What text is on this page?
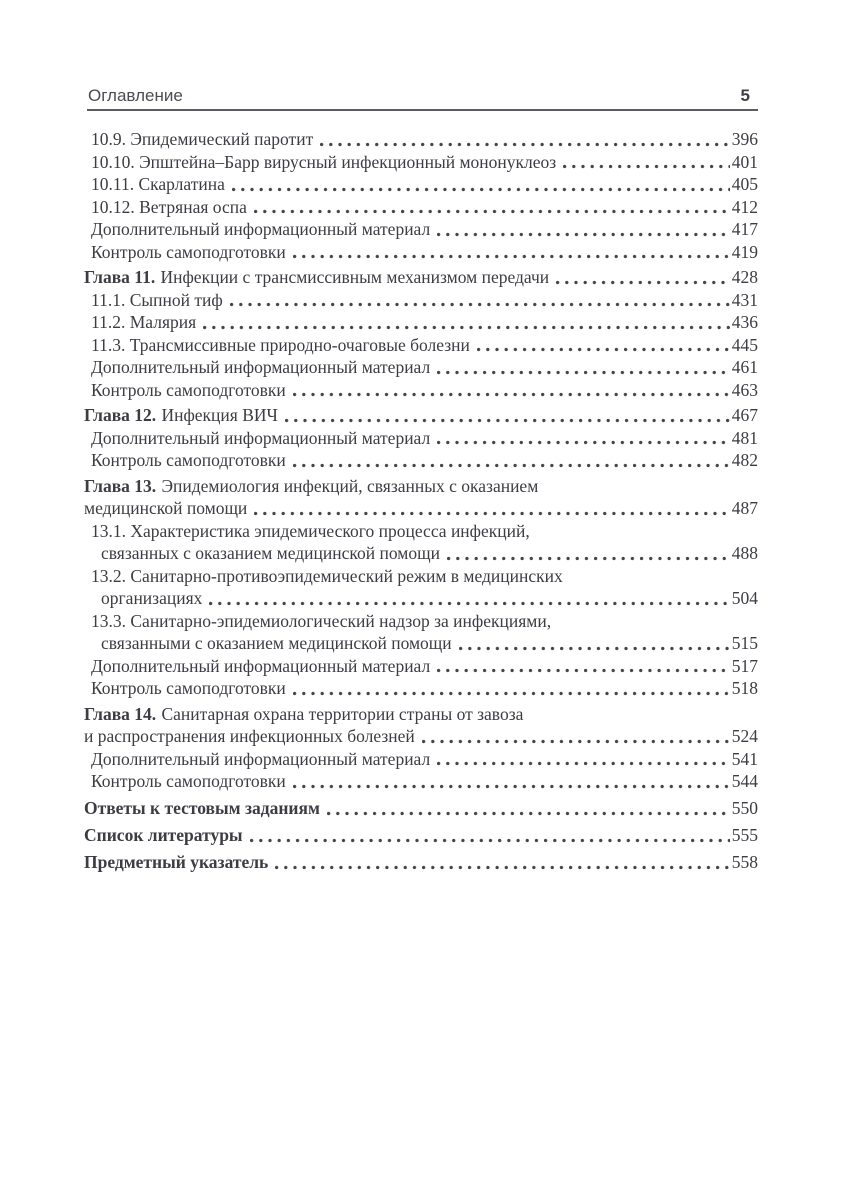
Оглавление	5
10.9. Эпидемический паротит	396
10.10. Эпштейна–Барр вирусный инфекционный мононуклеоз	401
10.11. Скарлатина	405
10.12. Ветряная оспа	412
Дополнительный информационный материал	417
Контроль самоподготовки	419
Глава 11. Инфекции с трансмиссивным механизмом передачи	428
11.1. Сыпной тиф	431
11.2. Малярия	436
11.3. Трансмиссивные природно-очаговые болезни	445
Дополнительный информационный материал	461
Контроль самоподготовки	463
Глава 12. Инфекция ВИЧ	467
Дополнительный информационный материал	481
Контроль самоподготовки	482
Глава 13. Эпидемиология инфекций, связанных с оказанием
медицинской помощи	487
13.1. Характеристика эпидемического процесса инфекций,
связанных с оказанием медицинской помощи	488
13.2. Санитарно-противоэпидемический режим в медицинских
организациях	504
13.3. Санитарно-эпидемиологический надзор за инфекциями,
связанными с оказанием медицинской помощи	515
Дополнительный информационный материал	517
Контроль самоподготовки	518
Глава 14. Санитарная охрана территории страны от завоза
и распространения инфекционных болезней	524
Дополнительный информационный материал	541
Контроль самоподготовки	544
Ответы к тестовым заданиям	550
Список литературы	555
Предметный указатель	558
